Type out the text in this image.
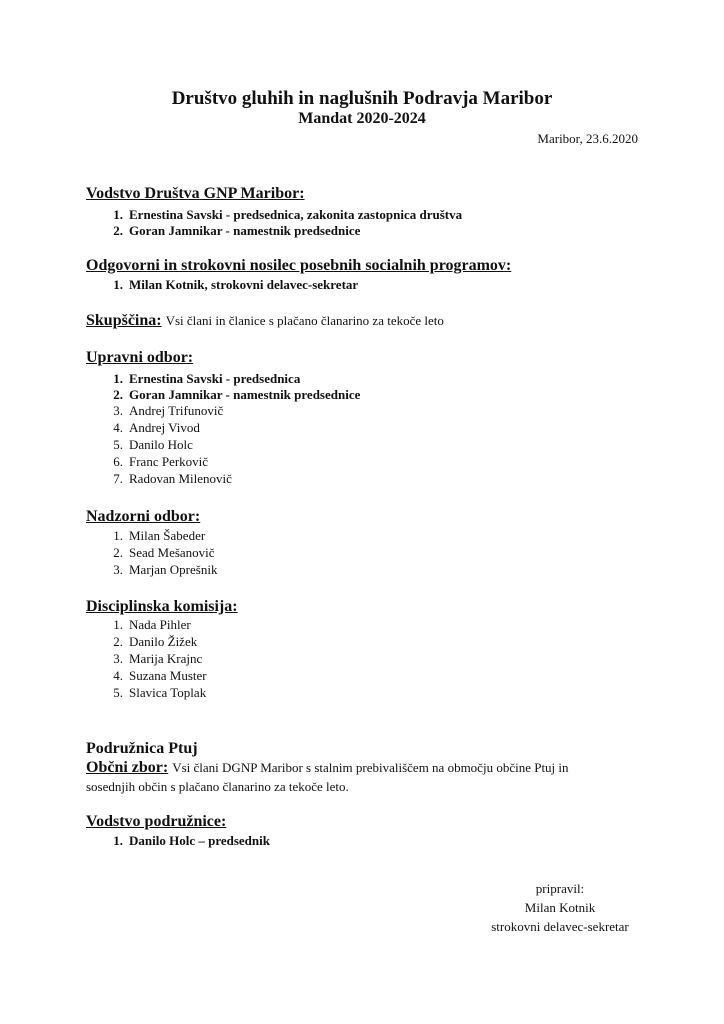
Društvo gluhih in naglušnih Podravja Maribor
Mandat 2020-2024
Maribor, 23.6.2020
Vodstvo Društva GNP Maribor:
1. Ernestina Savski - predsednica, zakonita zastopnica društva
2. Goran Jamnikar - namestnik predsednice
Odgovorni in strokovni nosilec posebnih socialnih programov:
1. Milan Kotnik, strokovni delavec-sekretar
Skupščina: Vsi člani in članice s plačano članarino za tekoče leto
Upravni odbor:
1. Ernestina Savski - predsednica
2. Goran Jamnikar - namestnik predsednice
3. Andrej Trifunovič
4. Andrej Vivod
5. Danilo Holc
6. Franc Perkovič
7. Radovan Milenovič
Nadzorni odbor:
1. Milan Šabeder
2. Sead Mešanovič
3. Marjan Oprešnik
Disciplinska komisija:
1. Nada Pihler
2. Danilo Žižek
3. Marija Krajnc
4. Suzana Muster
5. Slavica Toplak
Podružnica Ptuj
Občni zbor: Vsi člani DGNP Maribor s stalnim prebivališčem na območju občine Ptuj in
sosednjih občin s plačano članarino za tekoče leto.
Vodstvo podružnice:
1. Danilo Holc – predsednik
pripravil:
Milan Kotnik
strokovni delavec-sekretar
